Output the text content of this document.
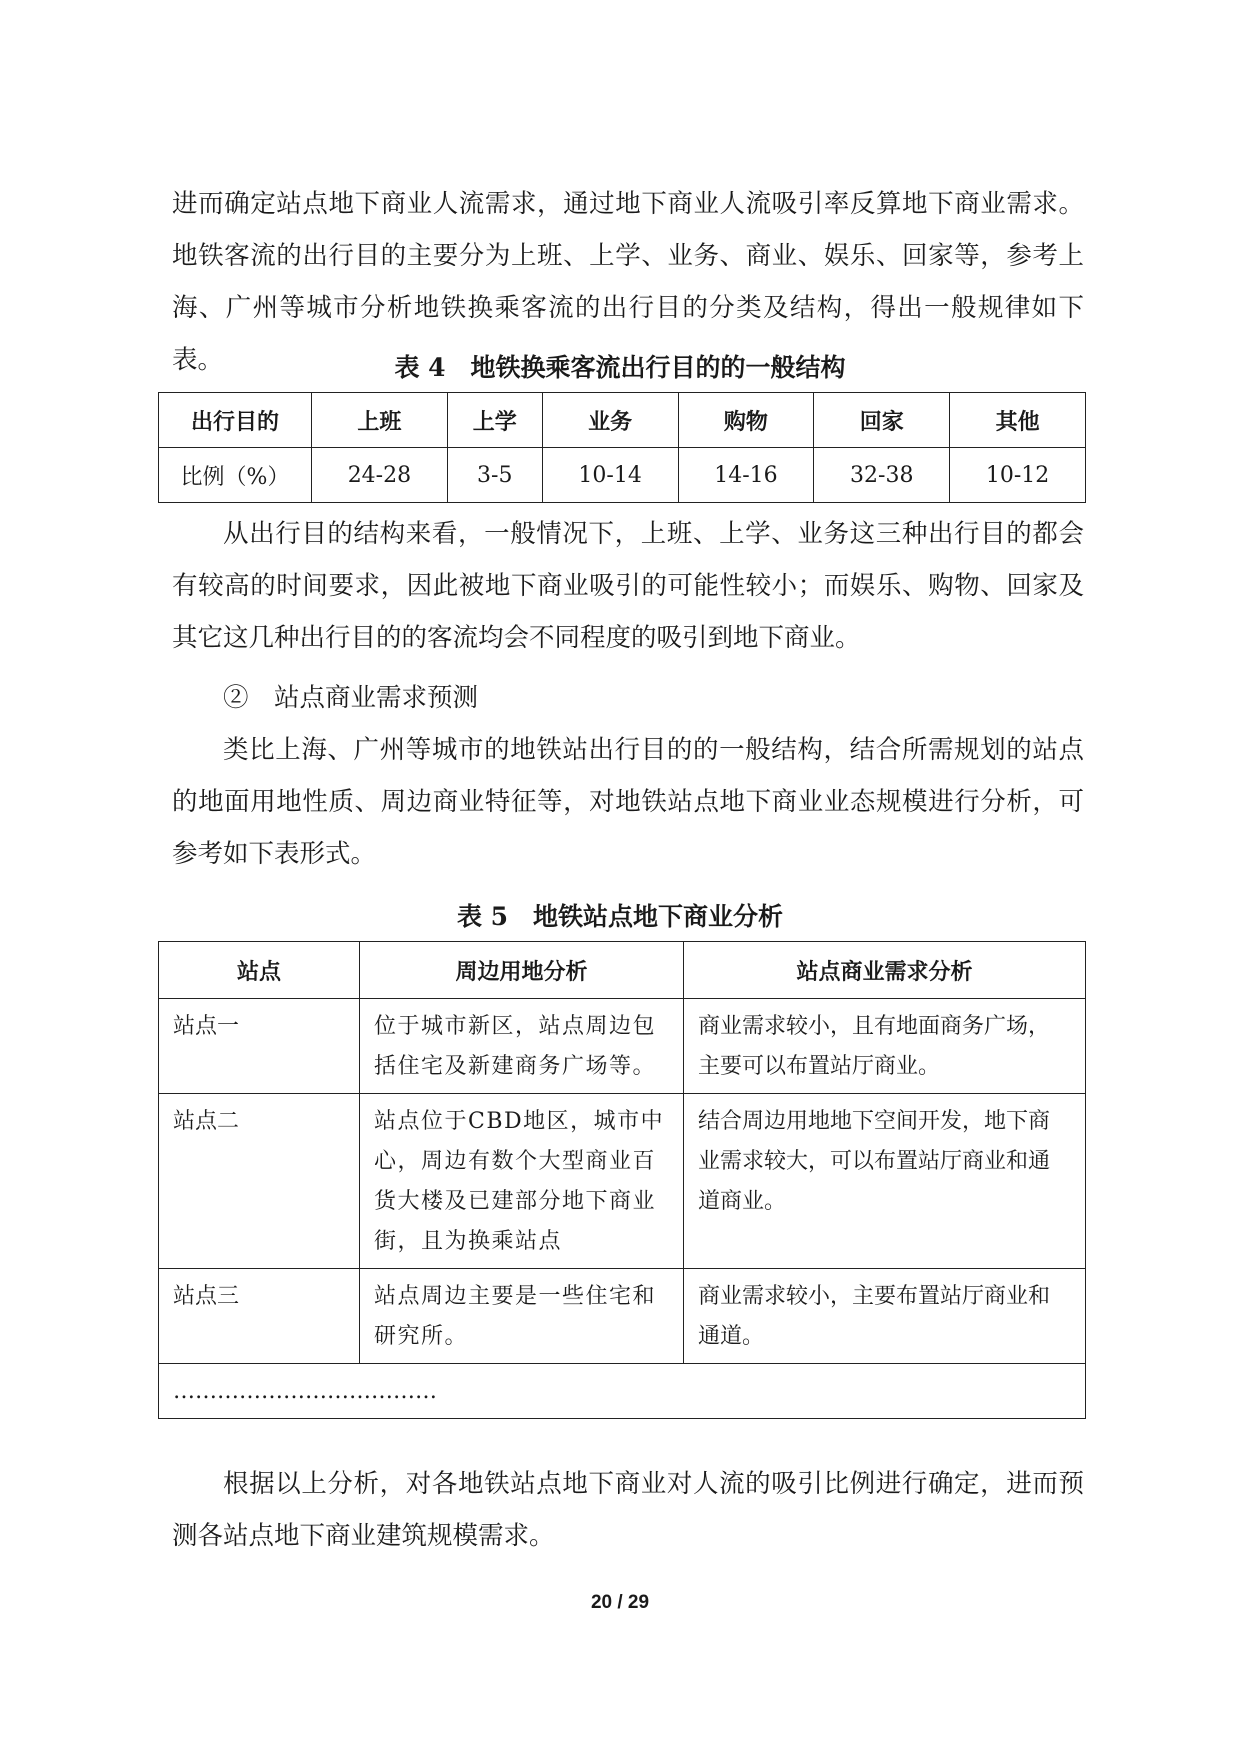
进而确定站点地下商业人流需求，通过地下商业人流吸引率反算地下商业需求。地铁客流的出行目的主要分为上班、上学、业务、商业、娱乐、回家等，参考上海、广州等城市分析地铁换乘客流的出行目的分类及结构，得出一般规律如下表。	表 4　地铁换乘客流出行目的的一般结构

出行目的	上班	上学	业务	购物	回家	其他
比例（%）	24-28	3-5	10-14	14-16	32-38	10-12

从出行目的结构来看，一般情况下，上班、上学、业务这三种出行目的都会有较高的时间要求，因此被地下商业吸引的可能性较小；而娱乐、购物、回家及其它这几种出行目的的客流均会不同程度的吸引到地下商业。

②　站点商业需求预测

类比上海、广州等城市的地铁站出行目的的一般结构，结合所需规划的站点的地面用地性质、周边商业特征等，对地铁站点地下商业业态规模进行分析，可参考如下表形式。

表 5　地铁站点地下商业分析

站点	周边用地分析	站点商业需求分析
站点一	位于城市新区，站点周边包括住宅及新建商务广场等。	商业需求较小，且有地面商务广场，主要可以布置站厅商业。
站点二	站点位于CBD地区，城市中心，周边有数个大型商业百货大楼及已建部分地下商业街，且为换乘站点	结合周边用地地下空间开发，地下商业需求较大，可以布置站厅商业和通道商业。
站点三	站点周边主要是一些住宅和研究所。	商业需求较小，主要布置站厅商业和通道。
………………………………		

根据以上分析，对各地铁站点地下商业对人流的吸引比例进行确定，进而预测各站点地下商业建筑规模需求。

20 / 29
